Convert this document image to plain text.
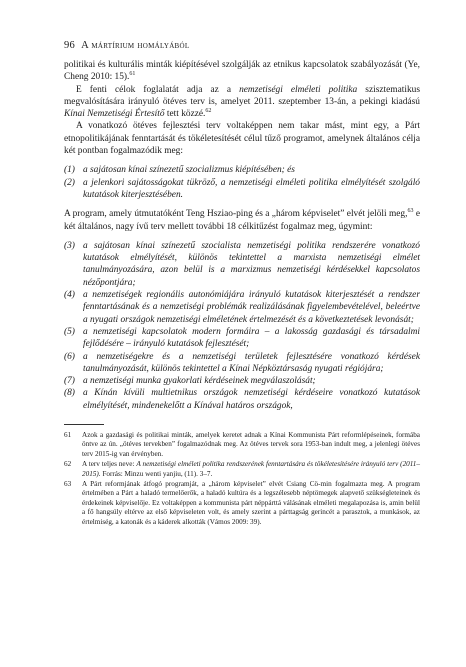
96 A mártírium homályából

politikai és kulturális minták kiépítésével szolgálják az etnikus kapcsolatok szabályozását (Ye, Cheng 2010: 15).$^{61}$

E fenti célok foglalatát adja az a nemzetiségi elméleti politika szisztematikus megvalósítására irányuló ötéves terv is, amelyet 2011. szeptember 13-án, a pekingi kiadású Kínai Nemzetiségi Értesítő tett közzé.$^{62}$

A vonatkozó ötéves fejlesztési terv voltaképpen nem takar mást, mint egy, a Párt etnopolitikájának fenntartását és tökéletesítését célul tűző programot, amelynek általános célja két pontban fogalmazódik meg:

(1) a sajátosan kínai színezetű szocializmus kiépítésében; és
(2) a jelenkori sajátosságokat tükröző, a nemzetiségi elméleti politika elmélyítését szolgáló kutatások kiterjesztésében.

A program, amely útmutatóként Teng Hsziao-ping és a „három képviselet” elvét jelöli meg,$^{63}$ e két általános, nagy ívű terv mellett további 18 célkitűzést fogalmaz meg, úgymint:

(3) a sajátosan kínai színezetű szocialista nemzetiségi politika rendszerére vonatkozó kutatások elmélyítését, különös tekintettel a marxista nemzetiségi elmélet tanulmányozására, azon belül is a marxizmus nemzetiségi kérdésekkel kapcsolatos nézőpontjára;
(4) a nemzetiségek regionális autonómiájára irányuló kutatások kiterjesztését a rendszer fenntartásának és a nemzetiségi problémák realizálásának figyelembevételével, beleértve a nyugati országok nemzetiségi elméletének értelmezését és a következtetések levonását;
(5) a nemzetiségi kapcsolatok modern formáira – a lakosság gazdasági és társadalmi fejlődésére – irányuló kutatások fejlesztését;
(6) a nemzetiségekre és a nemzetiségi területek fejlesztésére vonatkozó kérdések tanulmányozását, különös tekintettel a Kínai Népköztársaság nyugati régiójára;
(7) a nemzetiségi munka gyakorlati kérdéseinek megválaszolását;
(8) a Kínán kívüli multietnikus országok nemzetiségi kérdéseire vonatkozó kutatások elmélyítését, mindenekelőtt a Kínával határos országok,
61	Azok a gazdasági és politikai minták, amelyek keretet adnak a Kínai Kommunista Párt reformlépéseinek, formába öntve az ún. „ötéves tervekben” fogalmazódnak meg. Az ötéves tervek sora 1953-ban indult meg, a jelenlegi ötéves terv 2015-ig van érvényben.
62	A terv teljes neve: A nemzetiségi elméleti politika rendszerének fenntartására és tökéletesítésére irányuló terv (2011–2015). Forrás: Minzu wenti yanjiu, (11). 3–7.
63	A Párt reformjának átfogó programját, a „három képviselet” elvét Csiang Cö-min fogalmazta meg. A program értelmében a Párt a haladó termelőerők, a haladó kultúra és a legszélesebb néptömegek alapvető szükségleteinek és érdekeinek képviselője. Ez voltaképpen a kommunista párt néppárttá válásának elméleti megalapozása is, amin belül a fő hangsúly eltérve az első képviseleten volt, és amely szerint a párttagság gerincét a parasztok, a munkások, az értelmiség, a katonák és a káderek alkották (Vámos 2009: 39).
